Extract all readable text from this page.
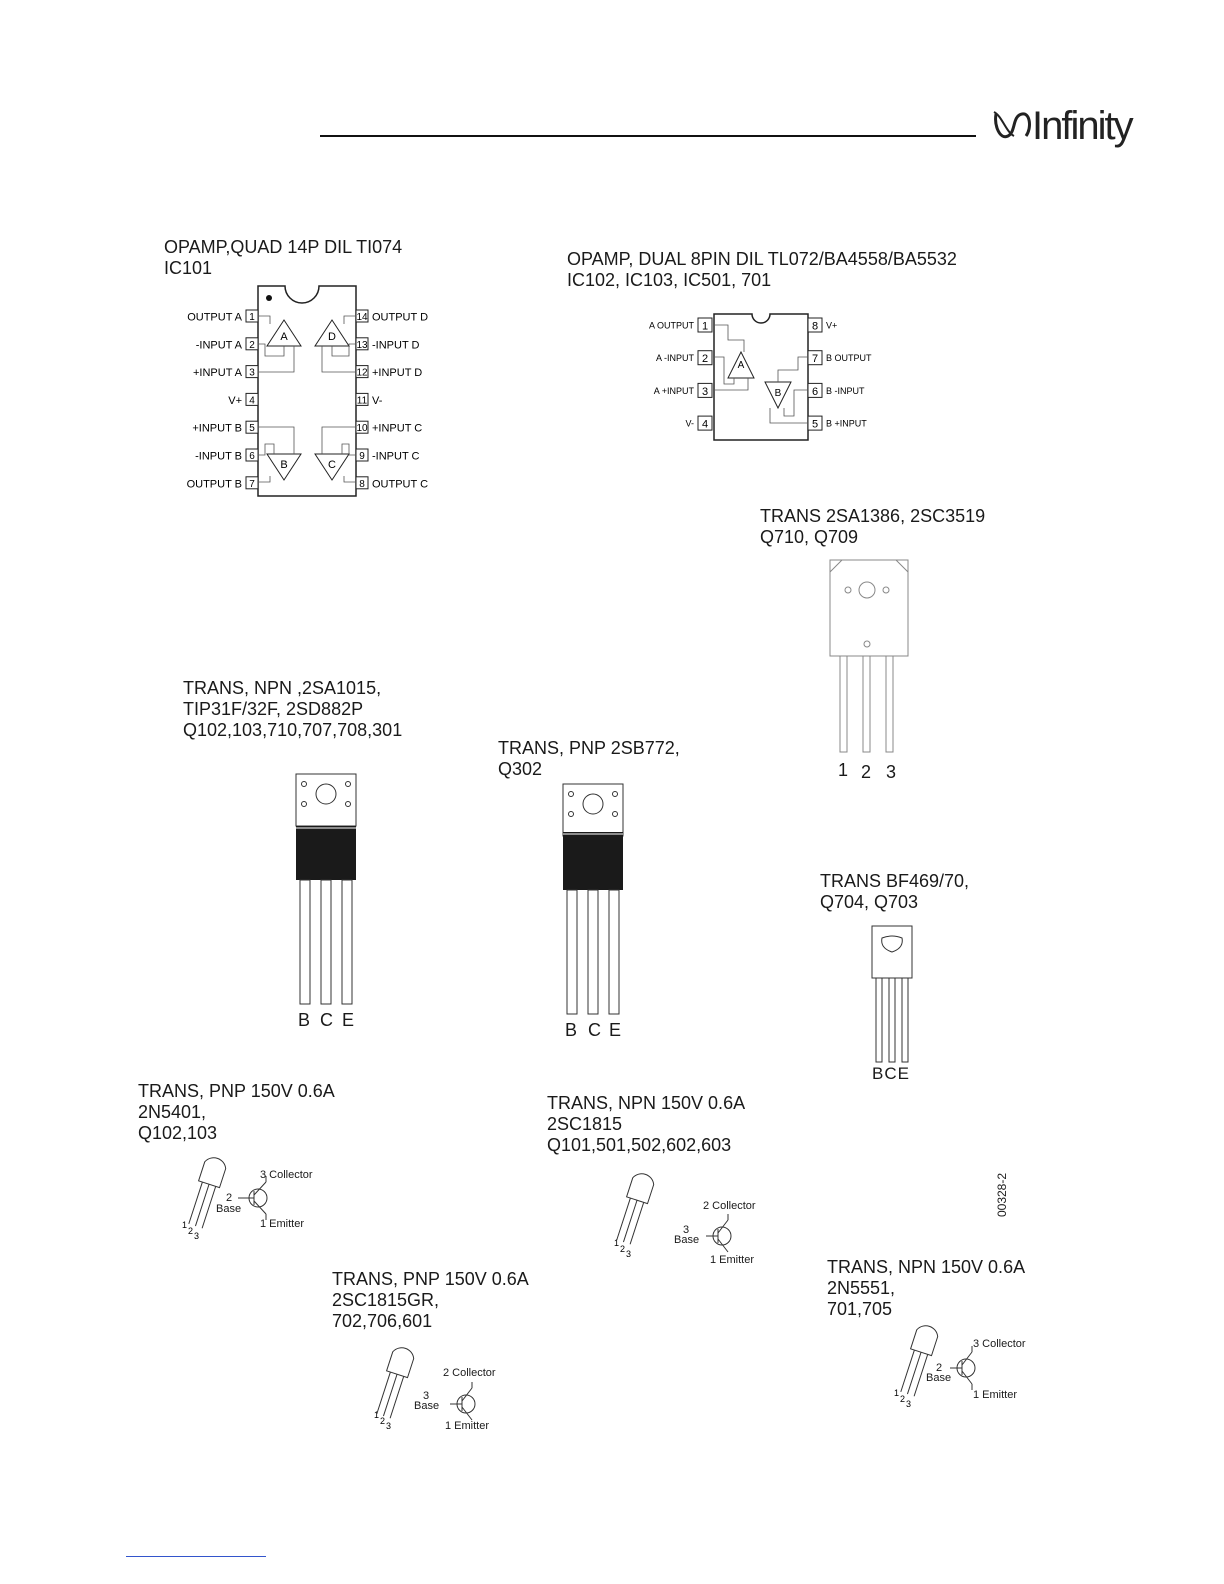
Infinity
OPAMP,QUAD 14P DIL TI074
IC101
1
OUTPUT A
2
-INPUT A
3
+INPUT A
4
V+
5
+INPUT B
6
-INPUT B
7
OUTPUT B
14 OUTPUT D
13 -INPUT D
12 +INPUT D
11 V-
10 +INPUT C
9 -INPUT C
8 OUTPUT C
A	D
B	C
OPAMP, DUAL 8PIN DIL TL072/BA4558/BA5532
IC102, IC103, IC501, 701
1
A OUTPUT
2
A -INPUT
3
A +INPUT
4
V-
8 V+
7 B OUTPUT
6 B -INPUT
5 B +INPUT
A
B
TRANS 2SA1386, 2SC3519
Q710, Q709
1 2 3
TRANS, NPN ,2SA1015,
TIP31F/32F, 2SD882P
Q102,103,710,707,708,301
B C E
TRANS, PNP 2SB772,
Q302
B C E
TRANS BF469/70,
Q704, Q703
BCE
TRANS, PNP 150V 0.6A
2N5401,
Q102,103
1
2 3
3 Collector
2
Base
1 Emitter
TRANS, NPN 150V 0.6A
2SC1815
Q101,501,502,602,603
1
2 3
2 Collector
3
Base
1 Emitter
TRANS, PNP 150V 0.6A
2SC1815GR,
702,706,601
1
2 3
2 Collector
3
Base
1 Emitter
TRANS, NPN 150V 0.6A
2N5551,
701,705
1
2 3
3 Collector
2
Base
1 Emitter
00328-2
